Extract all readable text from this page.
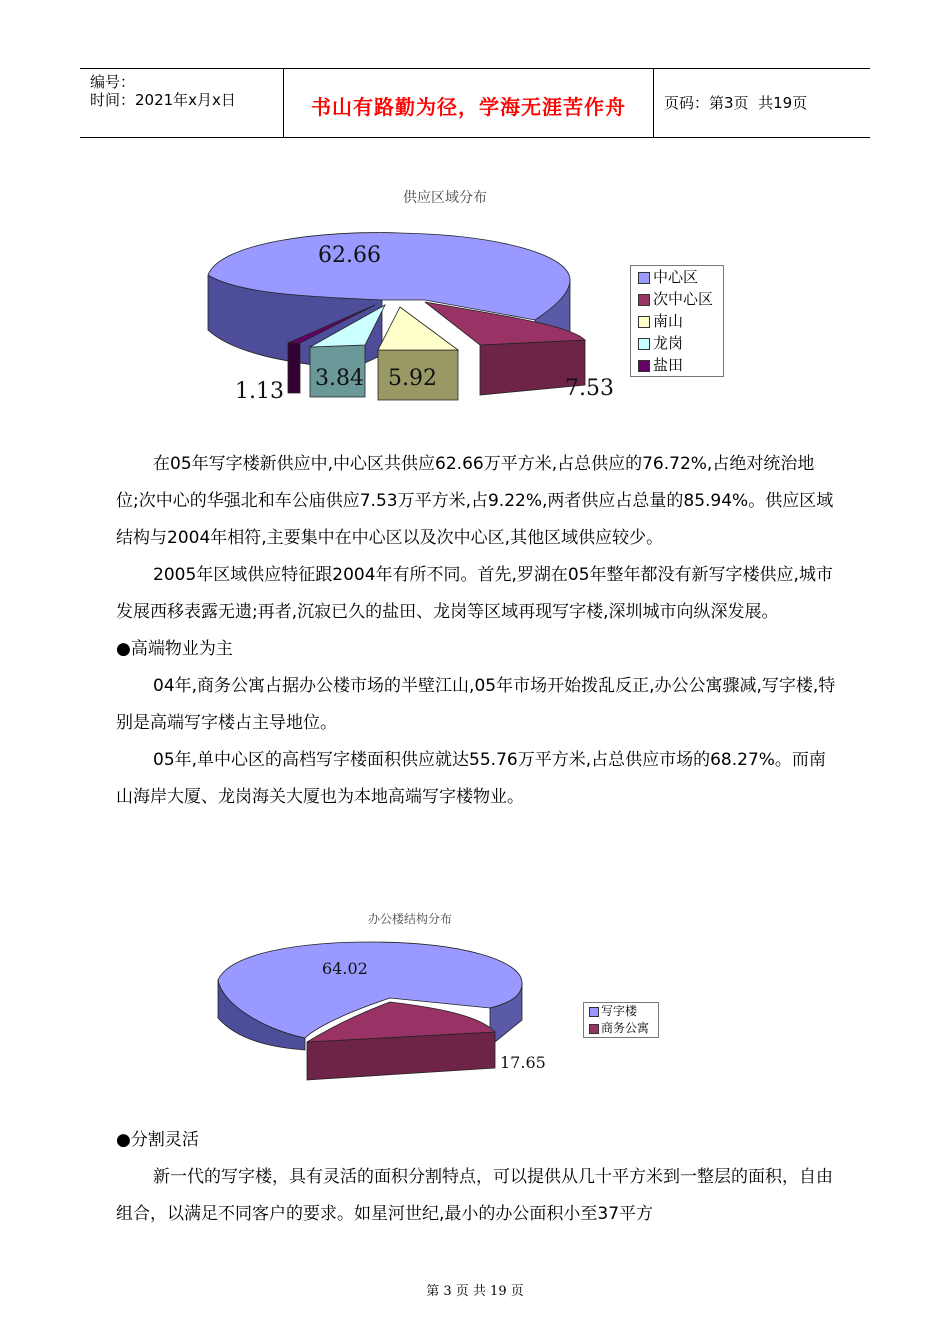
编号：
时间：2021年x月x日	书山有路勤为径，学海无涯苦作舟	页码：第3页  共19页
供应区域分布
62.66
7.53
5.92
3.84
1.13
中心区
次中心区
南山
龙岗
盐田

在05年写字楼新供应中,中心区共供应62.66万平方米,占总供应的76.72%,占绝对统治地位;次中心的华强北和车公庙供应7.53万平方米,占9.22%,两者供应占总量的85.94%。供应区域结构与2004年相符,主要集中在中心区以及次中心区,其他区域供应较少。

2005年区域供应特征跟2004年有所不同。首先,罗湖在05年整年都没有新写字楼供应,城市发展西移表露无遗;再者,沉寂已久的盐田、龙岗等区域再现写字楼,深圳城市向纵深发展。

●高端物业为主

04年,商务公寓占据办公楼市场的半壁江山,05年市场开始拨乱反正,办公公寓骤减,写字楼,特别是高端写字楼占主导地位。

05年,单中心区的高档写字楼面积供应就达55.76万平方米,占总供应市场的68.27%。而南山海岸大厦、龙岗海关大厦也为本地高端写字楼物业。

办公楼结构分布
64.02
17.65
写字楼
商务公寓

●分割灵活

新一代的写字楼，具有灵活的面积分割特点，可以提供从几十平方米到一整层的面积，自由组合，以满足不同客户的要求。如星河世纪,最小的办公面积小至37平方

第 3 页 共 19 页
